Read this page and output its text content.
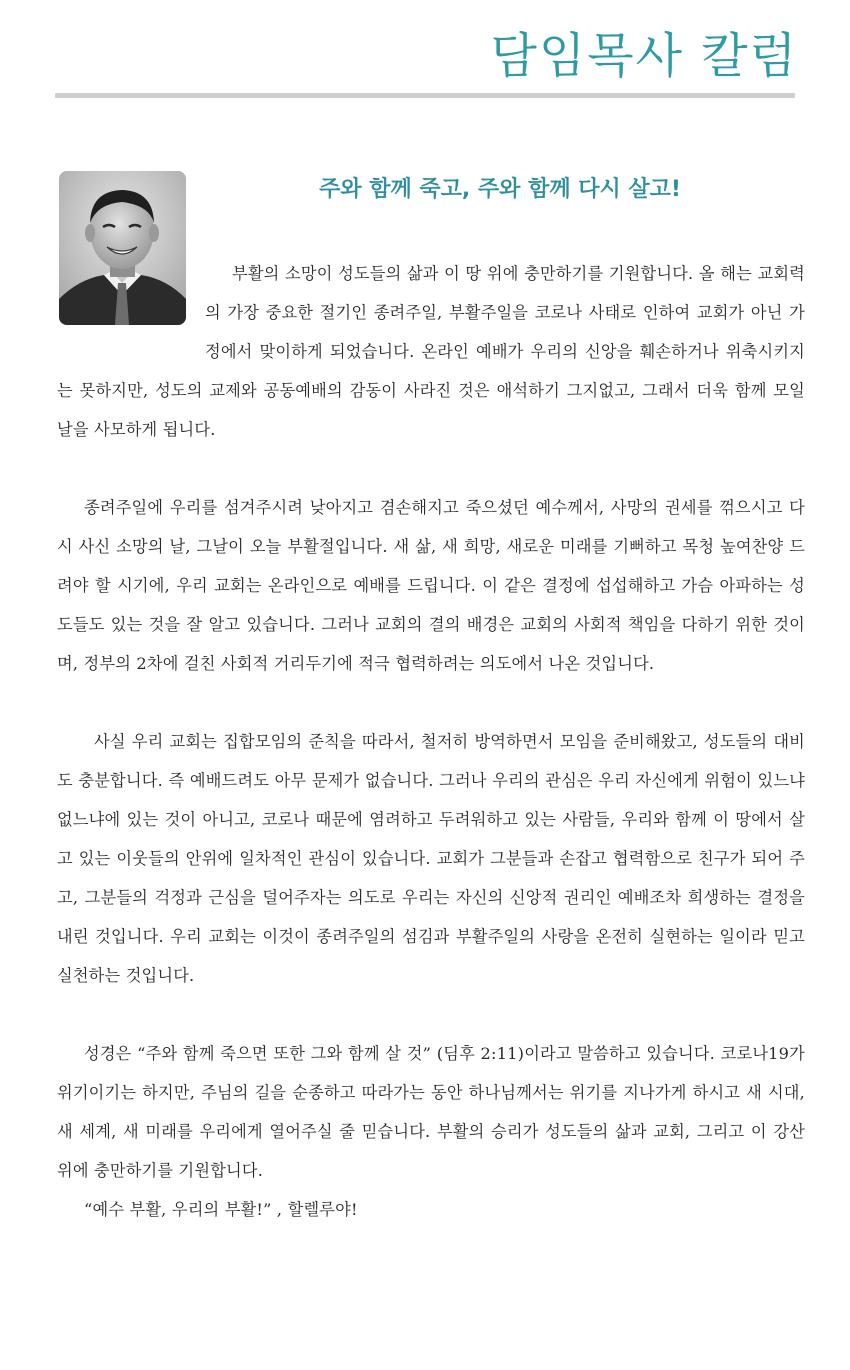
담임목사 칼럼
주와 함께 죽고, 주와 함께 다시 살고!

부활의 소망이 성도들의 삶과 이 땅 위에 충만하기를 기원합니다. 올 해는 교회력의 가장 중요한 절기인 종려주일, 부활주일을 코로나 사태로 인하여 교회가 아닌 가정에서 맞이하게 되었습니다. 온라인 예배가 우리의 신앙을 훼손하거나 위축시키지는 못하지만, 성도의 교제와 공동예배의 감동이 사라진 것은 애석하기 그지없고, 그래서 더욱 함께 모일 날을 사모하게 됩니다.

종려주일에 우리를 섬겨주시려 낮아지고 겸손해지고 죽으셨던 예수께서, 사망의 권세를 꺾으시고 다시 사신 소망의 날, 그날이 오늘 부활절입니다. 새 삶, 새 희망, 새로운 미래를 기뻐하고 목청 높여찬양 드려야 할 시기에, 우리 교회는 온라인으로 예배를 드립니다. 이 같은 결정에 섭섭해하고 가슴 아파하는 성도들도 있는 것을 잘 알고 있습니다. 그러나 교회의 결의 배경은 교회의 사회적 책임을 다하기 위한 것이며, 정부의 2차에 걸친 사회적 거리두기에 적극 협력하려는 의도에서 나온 것입니다.

사실 우리 교회는 집합모임의 준칙을 따라서, 철저히 방역하면서 모임을 준비해왔고, 성도들의 대비도 충분합니다. 즉 예배드려도 아무 문제가 없습니다. 그러나 우리의 관심은 우리 자신에게 위험이 있느냐 없느냐에 있는 것이 아니고, 코로나 때문에 염려하고 두려워하고 있는 사람들, 우리와 함께 이 땅에서 살고 있는 이웃들의 안위에 일차적인 관심이 있습니다. 교회가 그분들과 손잡고 협력함으로 친구가 되어 주고, 그분들의 걱정과 근심을 덜어주자는 의도로 우리는 자신의 신앙적 권리인 예배조차 희생하는 결정을 내린 것입니다. 우리 교회는 이것이 종려주일의 섬김과 부활주일의 사랑을 온전히 실현하는 일이라 믿고 실천하는 것입니다.

성경은 “주와 함께 죽으면 또한 그와 함께 살 것” (딤후 2:11)이라고 말씀하고 있습니다. 코로나19가 위기이기는 하지만, 주님의 길을 순종하고 따라가는 동안 하나님께서는 위기를 지나가게 하시고 새 시대, 새 세계, 새 미래를 우리에게 열어주실 줄 믿습니다. 부활의 승리가 성도들의 삶과 교회, 그리고 이 강산 위에 충만하기를 기원합니다.

“예수 부활, 우리의 부활!” , 할렐루야!
